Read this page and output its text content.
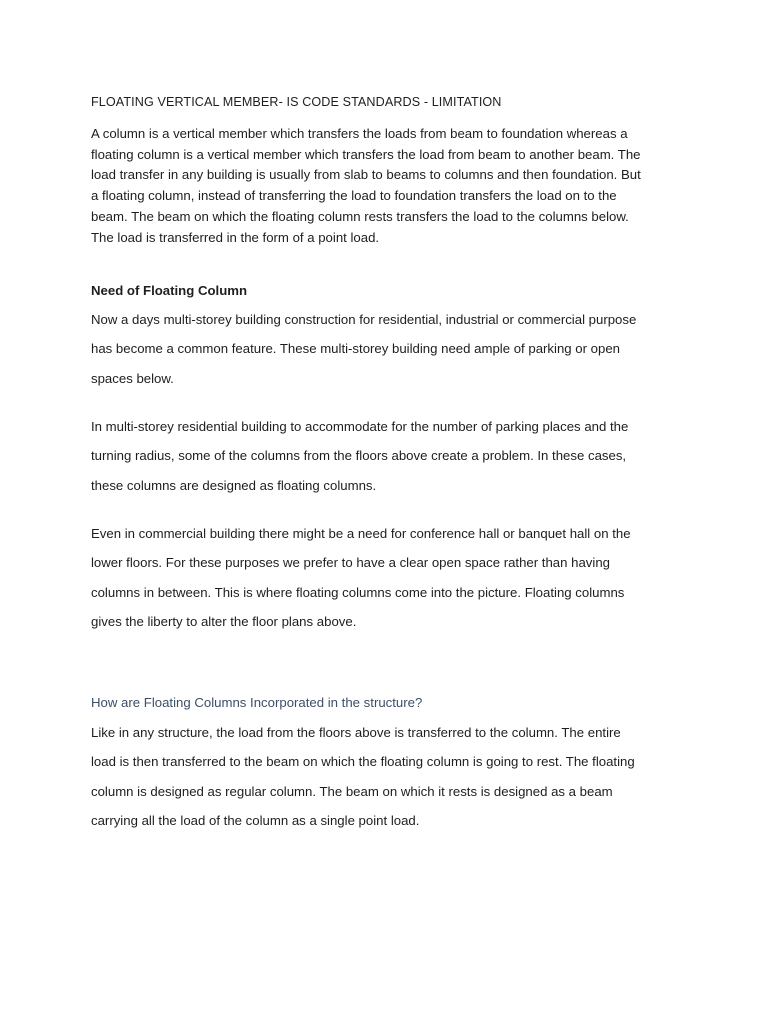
FLOATING VERTICAL MEMBER- IS CODE STANDARDS - LIMITATION

A column is a vertical member which transfers the loads from beam to foundation whereas a

floating column is a vertical member which transfers the load from beam to another beam. The

load transfer in any building is usually from slab to beams to columns and then foundation. But

a floating column, instead of transferring the load to foundation transfers the load on to the

beam. The beam on which the floating column rests transfers the load to the columns below.

The load is transferred in the form of a point load.

Need of Floating Column

Now a days multi-storey building construction for residential, industrial or commercial purpose

has become a common feature. These multi-storey building need ample of parking or open

spaces below.

In multi-storey residential building to accommodate for the number of parking places and the

turning radius, some of the columns from the floors above create a problem. In these cases,

these columns are designed as floating columns.

Even in commercial building there might be a need for conference hall or banquet hall on the

lower floors. For these purposes we prefer to have a clear open space rather than having

columns in between. This is where floating columns come into the picture. Floating columns

gives the liberty to alter the floor plans above.

How are Floating Columns Incorporated in the structure?

Like in any structure, the load from the floors above is transferred to the column. The entire

load is then transferred to the beam on which the floating column is going to rest. The floating

column is designed as regular column. The beam on which it rests is designed as a beam

carrying all the load of the column as a single point load.
